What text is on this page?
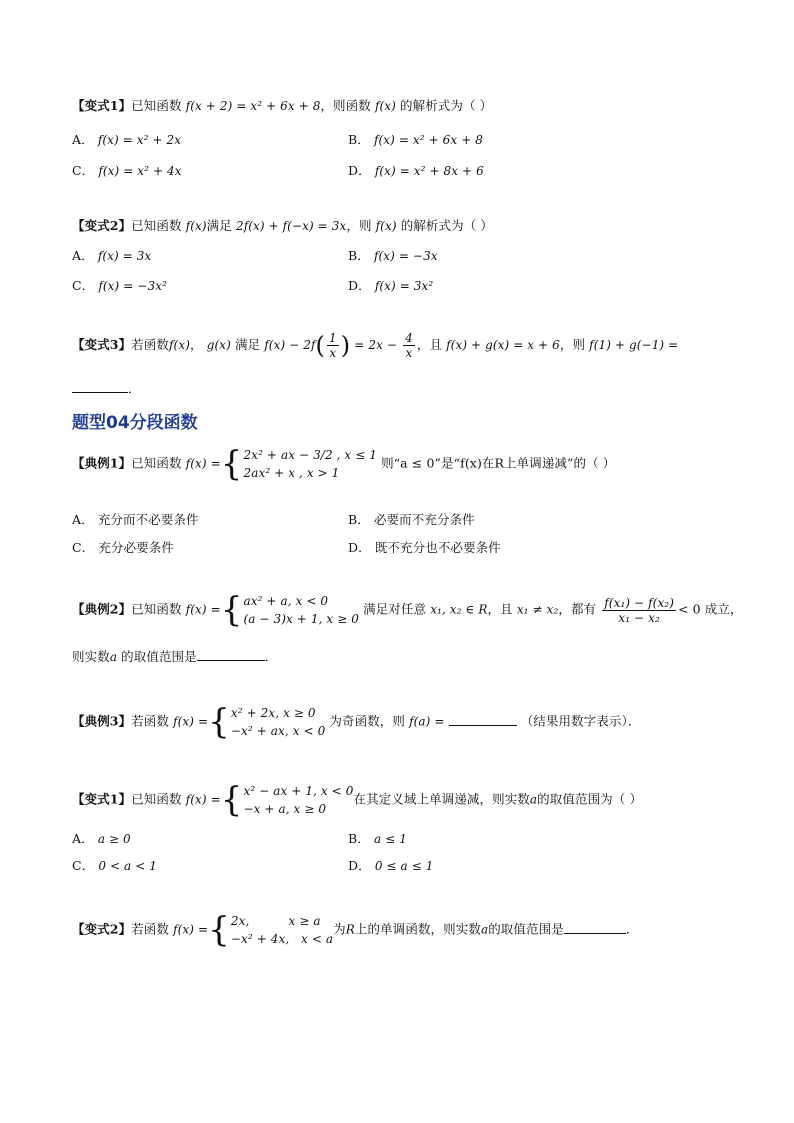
【变式1】已知函数 f(x + 2) = x² + 6x + 8，则函数 f(x) 的解析式为（ ）
A． f(x) = x² + 2x	B． f(x) = x² + 6x + 8
C． f(x) = x² + 4x	D． f(x) = x² + 8x + 6
【变式2】已知函数 f(x)满足 2f(x) + f(−x) = 3x，则 f(x) 的解析式为（ ）
A． f(x) = 3x	B． f(x) = −3x
C． f(x) = −3x²	D． f(x) = 3x²
【变式3】若函数f(x)， g(x) 满足 $f(x) - 2f( \frac{1}{x}$ ) = $2x - \frac{4}{x}$ ，且 f(x) + g(x) = x + 6，则 f(1) + g(−1) =
．
题型04分段函数
【典例1】已知函数 f(x) ={ 2x² + ax − 3/2 , x ≤ 1
2ax² + x , x > 1
则“a ≤ 0”是“f(x)在R上单调递减”的（ ）
A． 充分而不必要条件	B． 必要而不充分条件
C． 充分必要条件	D． 既不充分也不必要条件
【典例2】已知函数 f(x) ={ ax² + a, x < 0
(a − 3)x + 1, x ≥ 0
满足对任意 x₁, x₂ ∈ R，且 x₁ ≠ x₂，都有 $\frac{\text{f(x₁) − f(x₂)}}{\text{x₁ − x₂}} < 0$ 成立，
则实数a 的取值范围是	．
【典例3】若函数 f(x) ={ x² + 2x, x ≥ 0
−x² + ax, x < 0
为奇函数，则 f(a) =	（结果用数字表示）．
【变式1】已知函数 f(x) ={ x² − ax + 1, x < 0
−x + a, x ≥ 0
在其定义域上单调递减，则实数a的取值范围为（ ）
A． a ≥ 0	B． a ≤ 1
C． 0 < a < 1	D． 0 ≤ a ≤ 1
【变式2】若函数 f(x) ={ 2x,          x ≥ a
−x² + 4x,   x < a
为R上的单调函数，则实数a的取值范围是	．
